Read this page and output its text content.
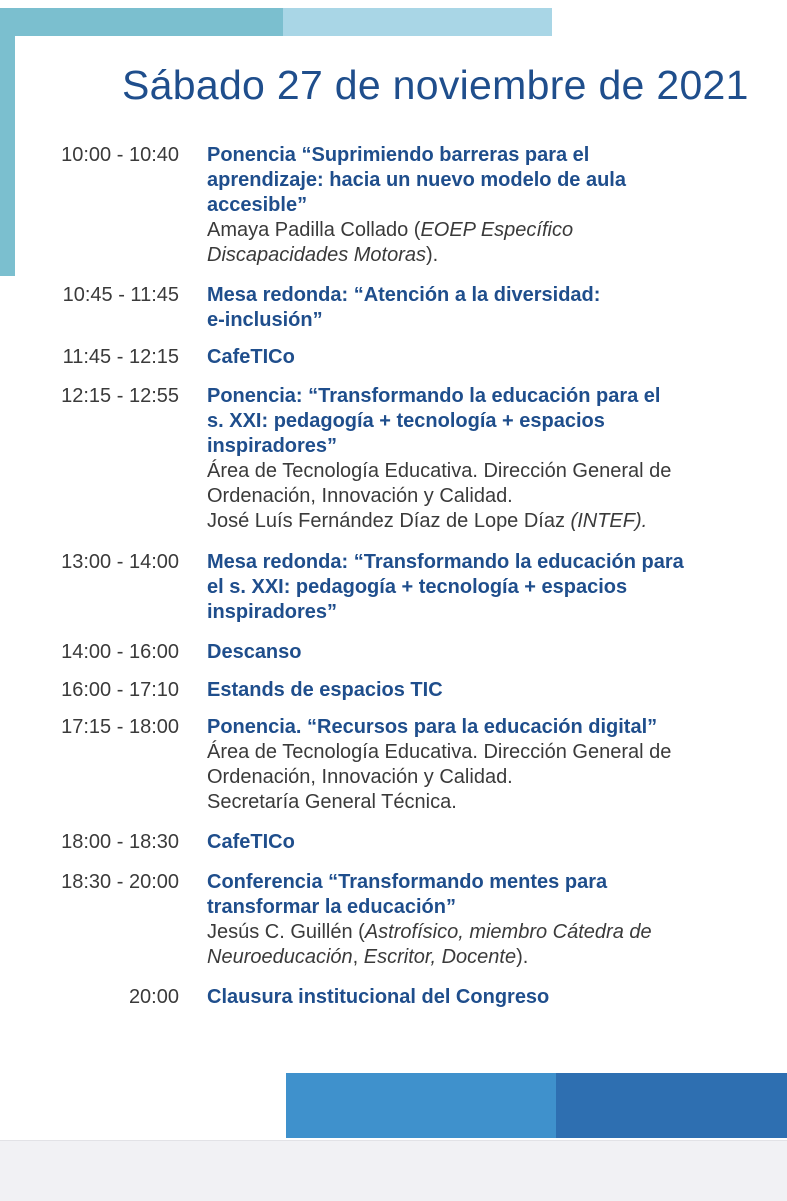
Sábado 27 de noviembre de 2021
10:00 - 10:40 Ponencia “Suprimiendo barreras para el
aprendizaje: hacia un nuevo modelo de aula
accesible”
Amaya Padilla Collado (EOEP Específico
Discapacidades Motoras).
10:45 - 11:45 Mesa redonda: “Atención a la diversidad:
e-inclusión”
11:45 - 12:15 CafeTICo
12:15 - 12:55 Ponencia: “Transformando la educación para el
s. XXI: pedagogía + tecnología + espacios
inspiradores”
Área de Tecnología Educativa. Dirección General de
Ordenación, Innovación y Calidad.
José Luís Fernández Díaz de Lope Díaz (INTEF).
13:00 - 14:00 Mesa redonda: “Transformando la educación para
el s. XXI: pedagogía + tecnología + espacios
inspiradores”
14:00 - 16:00 Descanso
16:00 - 17:10 Estands de espacios TIC
17:15 - 18:00 Ponencia. “Recursos para la educación digital”
Área de Tecnología Educativa. Dirección General de
Ordenación, Innovación y Calidad.
Secretaría General Técnica.
18:00 - 18:30 CafeTICo
18:30 - 20:00 Conferencia “Transformando mentes para
transformar la educación”
Jesús C. Guillén (Astrofísico, miembro Cátedra de
Neuroeducación, Escritor, Docente).
20:00 Clausura institucional del Congreso
